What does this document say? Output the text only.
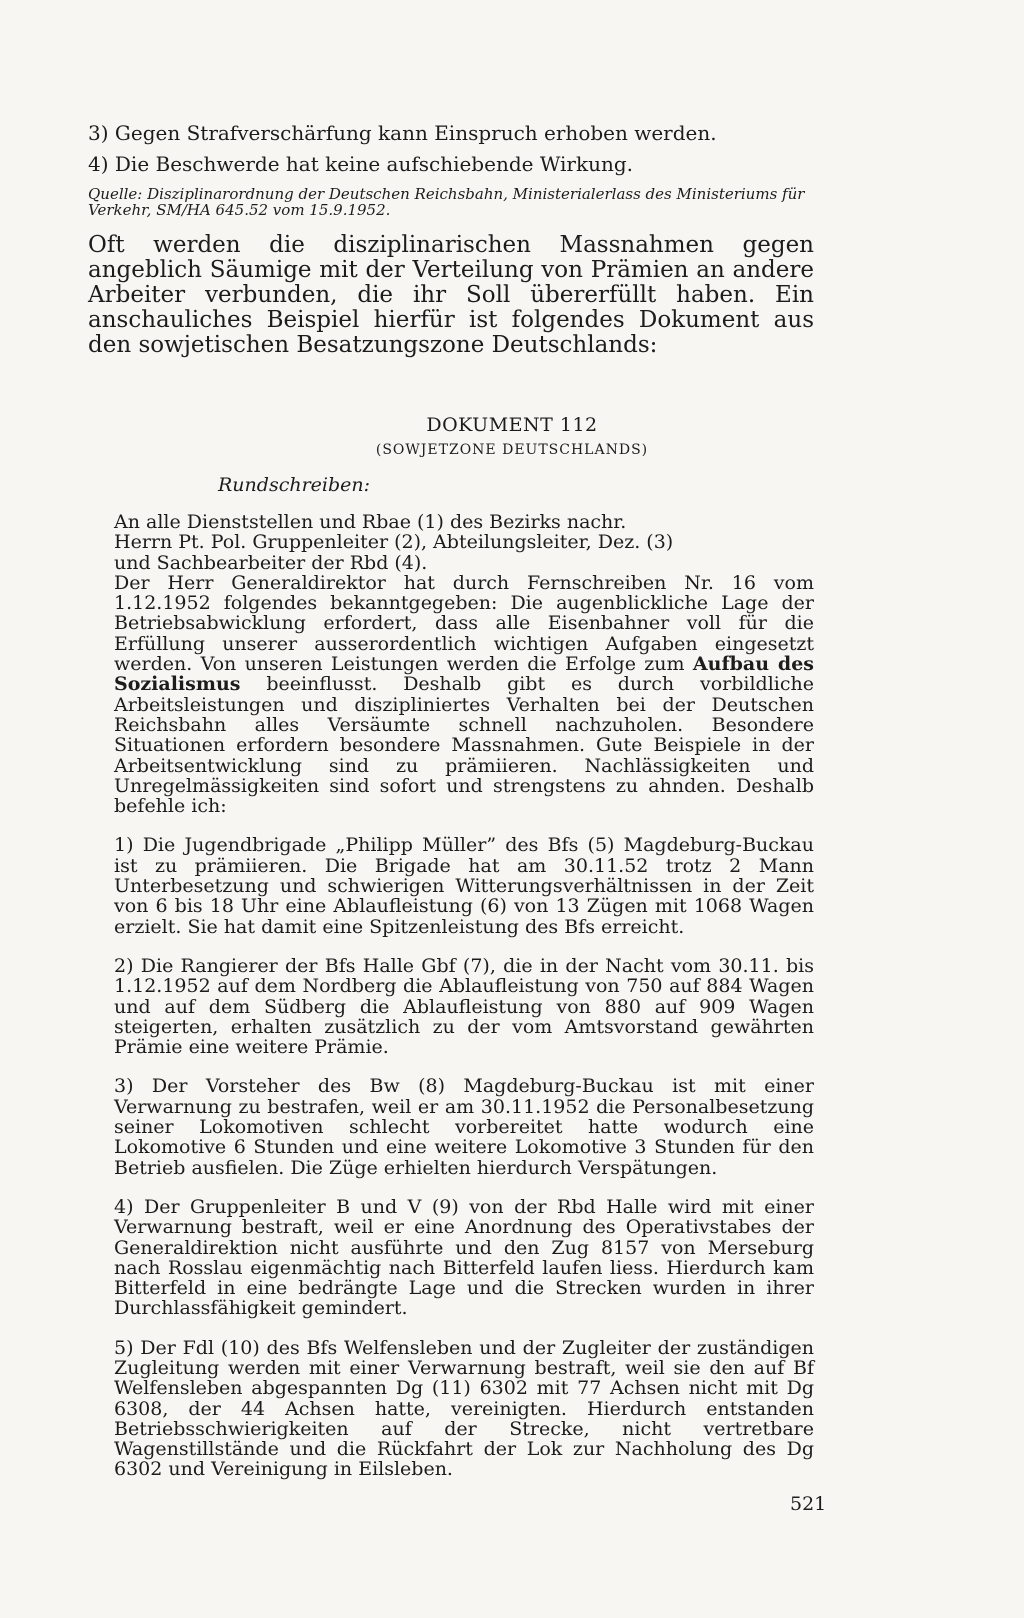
3) Gegen Strafverschärfung kann Einspruch erhoben werden.

4) Die Beschwerde hat keine aufschiebende Wirkung.

Quelle: Disziplinarordnung der Deutschen Reichsbahn, Ministerialerlass des Ministeriums für Verkehr, SM/HA 645.52 vom 15.9.1952.

Oft werden die disziplinarischen Massnahmen gegen angeblich Säumige mit der Verteilung von Prämien an andere Arbeiter verbunden, die ihr Soll übererfüllt haben. Ein anschauliches Beispiel hierfür ist folgendes Dokument aus den sowjetischen Besatzungszone Deutschlands:

DOKUMENT 112

(SOWJETZONE DEUTSCHLANDS)

Rundschreiben:

An alle Dienststellen und Rbae (1) des Bezirks nachr.

Herrn Pt. Pol. Gruppenleiter (2), Abteilungsleiter, Dez. (3)

und Sachbearbeiter der Rbd (4).

Der Herr Generaldirektor hat durch Fernschreiben Nr. 16 vom 1.12.1952 folgendes bekanntgegeben: Die augenblickliche Lage der Betriebsabwicklung erfordert, dass alle Eisenbahner voll für die Erfüllung unserer ausserordentlich wichtigen Aufgaben eingesetzt werden. Von unseren Leistungen werden die Erfolge zum Aufbau des Sozialismus beeinflusst. Deshalb gibt es durch vorbildliche Arbeitsleistungen und diszipliniertes Verhalten bei der Deutschen Reichsbahn alles Versäumte schnell nachzuholen. Besondere Situationen erfordern besondere Massnahmen. Gute Beispiele in der Arbeitsentwicklung sind zu prämiieren. Nachlässigkeiten und Unregelmässigkeiten sind sofort und strengstens zu ahnden. Deshalb befehle ich:

1) Die Jugendbrigade „Philipp Müller” des Bfs (5) Magdeburg-Buckau ist zu prämiieren. Die Brigade hat am 30.11.52 trotz 2 Mann Unterbesetzung und schwierigen Witterungsverhältnissen in der Zeit von 6 bis 18 Uhr eine Ablaufleistung (6) von 13 Zügen mit 1068 Wagen erzielt. Sie hat damit eine Spitzenleistung des Bfs erreicht.

2) Die Rangierer der Bfs Halle Gbf (7), die in der Nacht vom 30.11. bis 1.12.1952 auf dem Nordberg die Ablaufleistung von 750 auf 884 Wagen und auf dem Südberg die Ablaufleistung von 880 auf 909 Wagen steigerten, erhalten zusätzlich zu der vom Amtsvorstand gewährten Prämie eine weitere Prämie.

3) Der Vorsteher des Bw (8) Magdeburg-Buckau ist mit einer Verwarnung zu bestrafen, weil er am 30.11.1952 die Personalbesetzung seiner Lokomotiven schlecht vorbereitet hatte wodurch eine Lokomotive 6 Stunden und eine weitere Lokomotive 3 Stunden für den Betrieb ausfielen. Die Züge erhielten hierdurch Verspätungen.

4) Der Gruppenleiter B und V (9) von der Rbd Halle wird mit einer Verwarnung bestraft, weil er eine Anordnung des Operativstabes der Generaldirektion nicht ausführte und den Zug 8157 von Merseburg nach Rosslau eigenmächtig nach Bitterfeld laufen liess. Hierdurch kam Bitterfeld in eine bedrängte Lage und die Strecken wurden in ihrer Durchlassfähigkeit gemindert.

5) Der Fdl (10) des Bfs Welfensleben und der Zugleiter der zuständigen Zugleitung werden mit einer Verwarnung bestraft, weil sie den auf Bf Welfensleben abgespannten Dg (11) 6302 mit 77 Achsen nicht mit Dg 6308, der 44 Achsen hatte, vereinigten. Hierdurch entstanden Betriebsschwierigkeiten auf der Strecke, nicht vertretbare Wagenstillstände und die Rückfahrt der Lok zur Nachholung des Dg 6302 und Vereinigung in Eilsleben.

521
